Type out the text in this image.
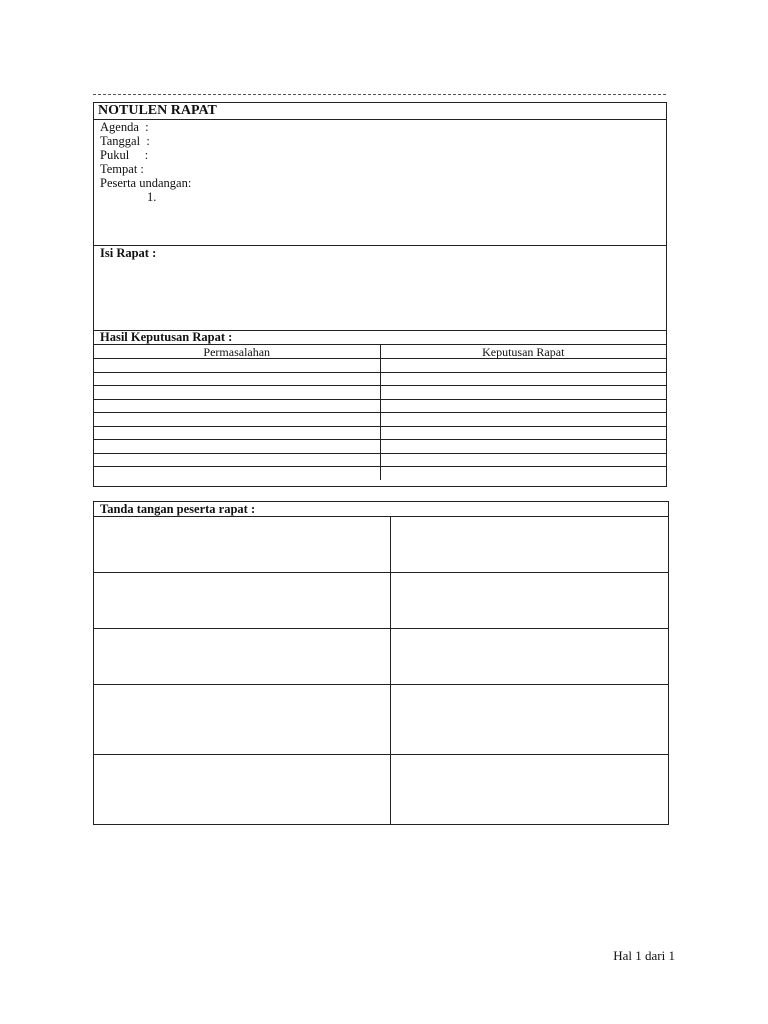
NOTULEN RAPAT
Agenda  :
Tanggal  :
Pukul     :
Tempat :
Peserta undangan:
1.
Isi Rapat :
Hasil Keputusan Rapat :
Permasalahan	Keputusan Rapat

Tanda tangan peserta rapat :
Hal 1 dari 1
